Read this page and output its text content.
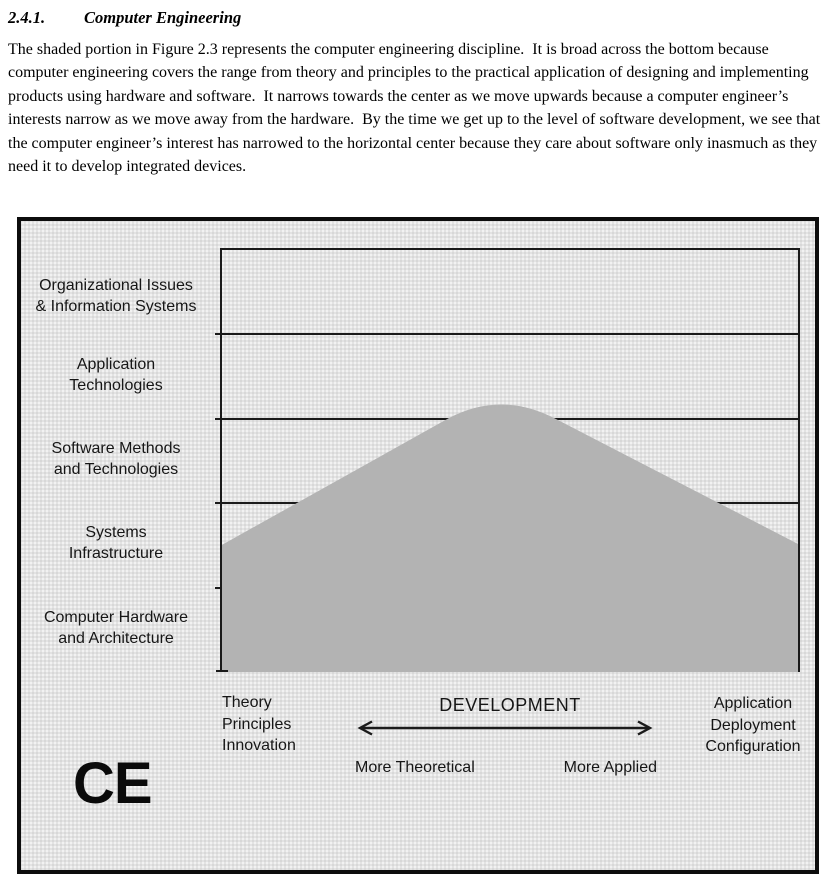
2.4.1. Computer Engineering

The shaded portion in Figure 2.3 represents the computer engineering discipline.  It is broad across the bottom because computer engineering covers the range from theory and principles to the practical application of designing and implementing products using hardware and software.  It narrows towards the center as we move upwards because a computer engineer’s interests narrow as we move away from the hardware.  By the time we get up to the level of software development, we see that the computer engineer’s interest has narrowed to the horizontal center because they care about software only inasmuch as they need it to develop integrated devices.

Organizational Issues
& Information Systems
Application
Technologies
Software Methods
and Technologies
Systems
Infrastructure
Computer Hardware
and Architecture
Theory
Principles
Innovation
DEVELOPMENT
More Theoretical	More Applied
Application
Deployment
Configuration
CE
